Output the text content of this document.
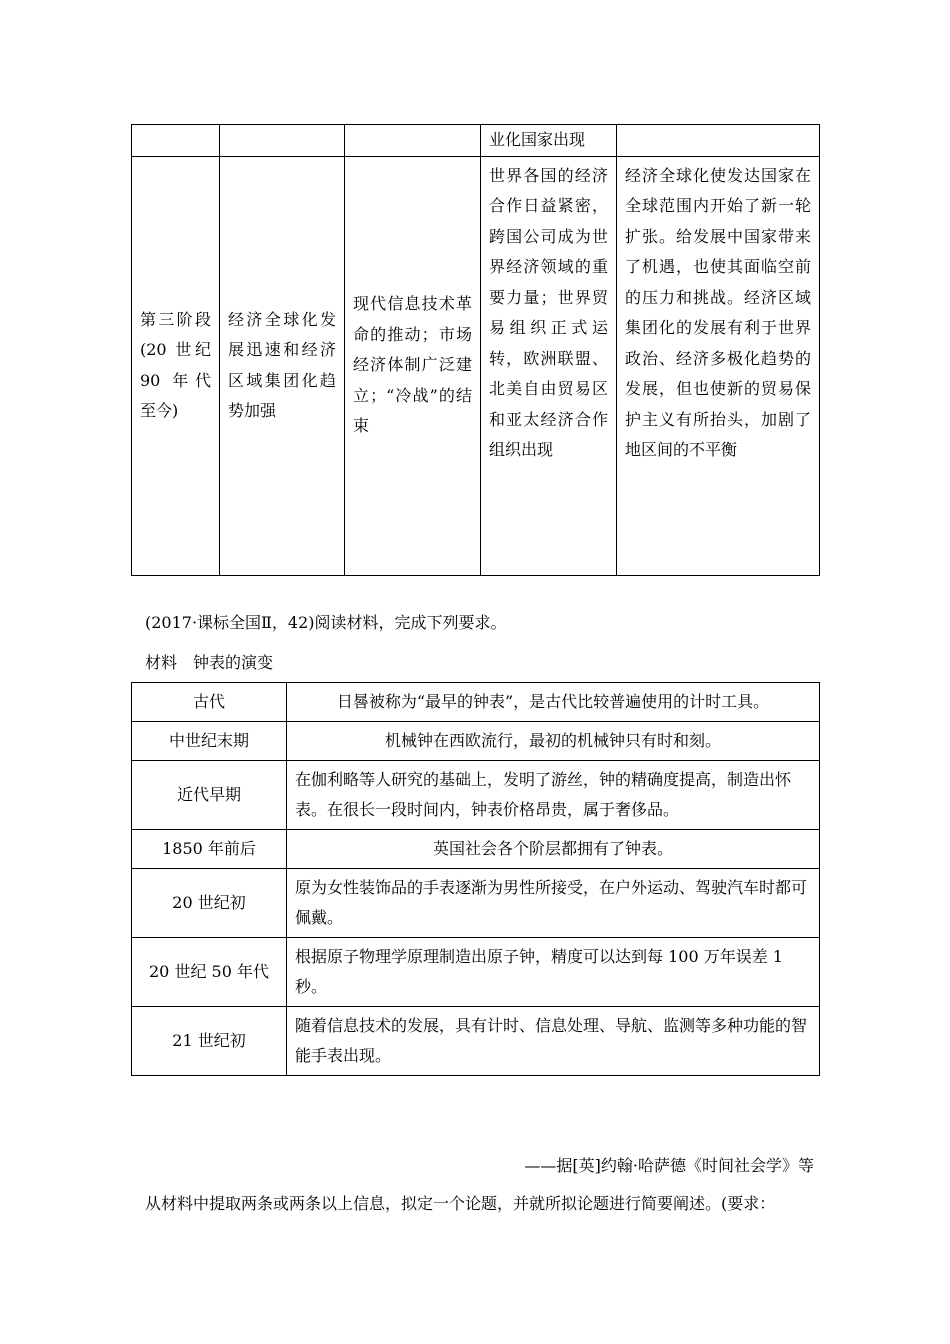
			业化国家出现	
第三阶段(20 世纪 90 年代至今)	经济全球化发展迅速和经济区域集团化趋势加强	现代信息技术革命的推动；市场经济体制广泛建立；“冷战”的结束	世界各国的经济合作日益紧密，跨国公司成为世界经济领域的重要力量；世界贸易组织正式运转，欧洲联盟、北美自由贸易区和亚太经济合作组织出现	经济全球化使发达国家在全球范围内开始了新一轮扩张。给发展中国家带来了机遇，也使其面临空前的压力和挑战。经济区域集团化的发展有利于世界政治、经济多极化趋势的发展，但也使新的贸易保护主义有所抬头，加剧了地区间的不平衡
(2017·课标全国Ⅱ，42)阅读材料，完成下列要求。
材料　钟表的演变
古代	日晷被称为“最早的钟表”，是古代比较普遍使用的计时工具。
中世纪末期	机械钟在西欧流行，最初的机械钟只有时和刻。
近代早期	在伽利略等人研究的基础上，发明了游丝，钟的精确度提高，制造出怀表。在很长一段时间内，钟表价格昂贵，属于奢侈品。
1850 年前后	英国社会各个阶层都拥有了钟表。
20 世纪初	原为女性装饰品的手表逐渐为男性所接受，在户外运动、驾驶汽车时都可佩戴。
20 世纪 50 年代	根据原子物理学原理制造出原子钟，精度可以达到每 100 万年误差 1 秒。
21 世纪初	随着信息技术的发展，具有计时、信息处理、导航、监测等多种功能的智能手表出现。
——据[英]约翰·哈萨德《时间社会学》等
从材料中提取两条或两条以上信息，拟定一个论题，并就所拟论题进行简要阐述。(要求：
